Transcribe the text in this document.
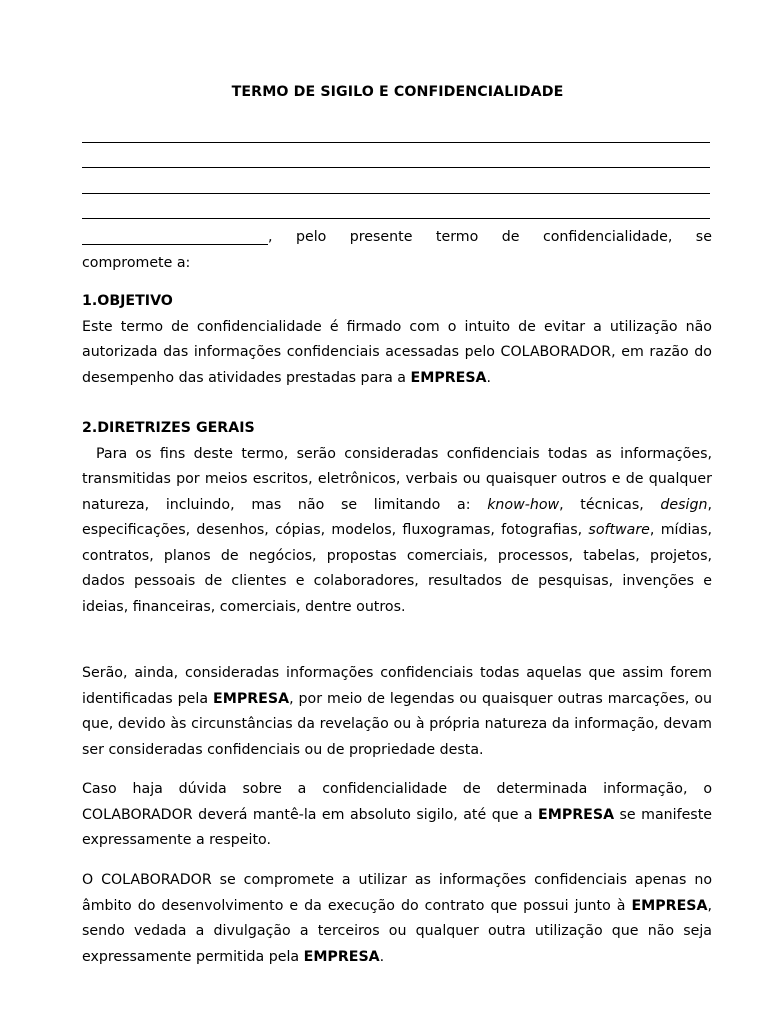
TERMO DE SIGILO E CONFIDENCIALIDADE
, pelo presente termo de confidencialidade, se
compromete a:
1.OBJETIVO
Este termo de confidencialidade é firmado com o intuito de evitar a utilização não autorizada das informações confidenciais acessadas pelo COLABORADOR, em razão do desempenho das atividades prestadas para a EMPRESA.
2.DIRETRIZES GERAIS
Para os fins deste termo, serão consideradas confidenciais todas as informações, transmitidas por meios escritos, eletrônicos, verbais ou quaisquer outros e de qualquer natureza, incluindo, mas não se limitando a: know-how, técnicas, design, especificações, desenhos, cópias, modelos, fluxogramas, fotografias, software, mídias, contratos, planos de negócios, propostas comerciais, processos, tabelas, projetos, dados pessoais de clientes e colaboradores, resultados de pesquisas, invenções e ideias, financeiras, comerciais, dentre outros.
Serão, ainda, consideradas informações confidenciais todas aquelas que assim forem identificadas pela EMPRESA, por meio de legendas ou quaisquer outras marcações, ou que, devido às circunstâncias da revelação ou à própria natureza da informação, devam ser consideradas confidenciais ou de propriedade desta.
Caso haja dúvida sobre a confidencialidade de determinada informação, o COLABORADOR deverá mantê-la em absoluto sigilo, até que a EMPRESA se manifeste expressamente a respeito.
O COLABORADOR se compromete a utilizar as informações confidenciais apenas no âmbito do desenvolvimento e da execução do contrato que possui junto à EMPRESA, sendo vedada a divulgação a terceiros ou qualquer outra utilização que não seja expressamente permitida pela EMPRESA.
